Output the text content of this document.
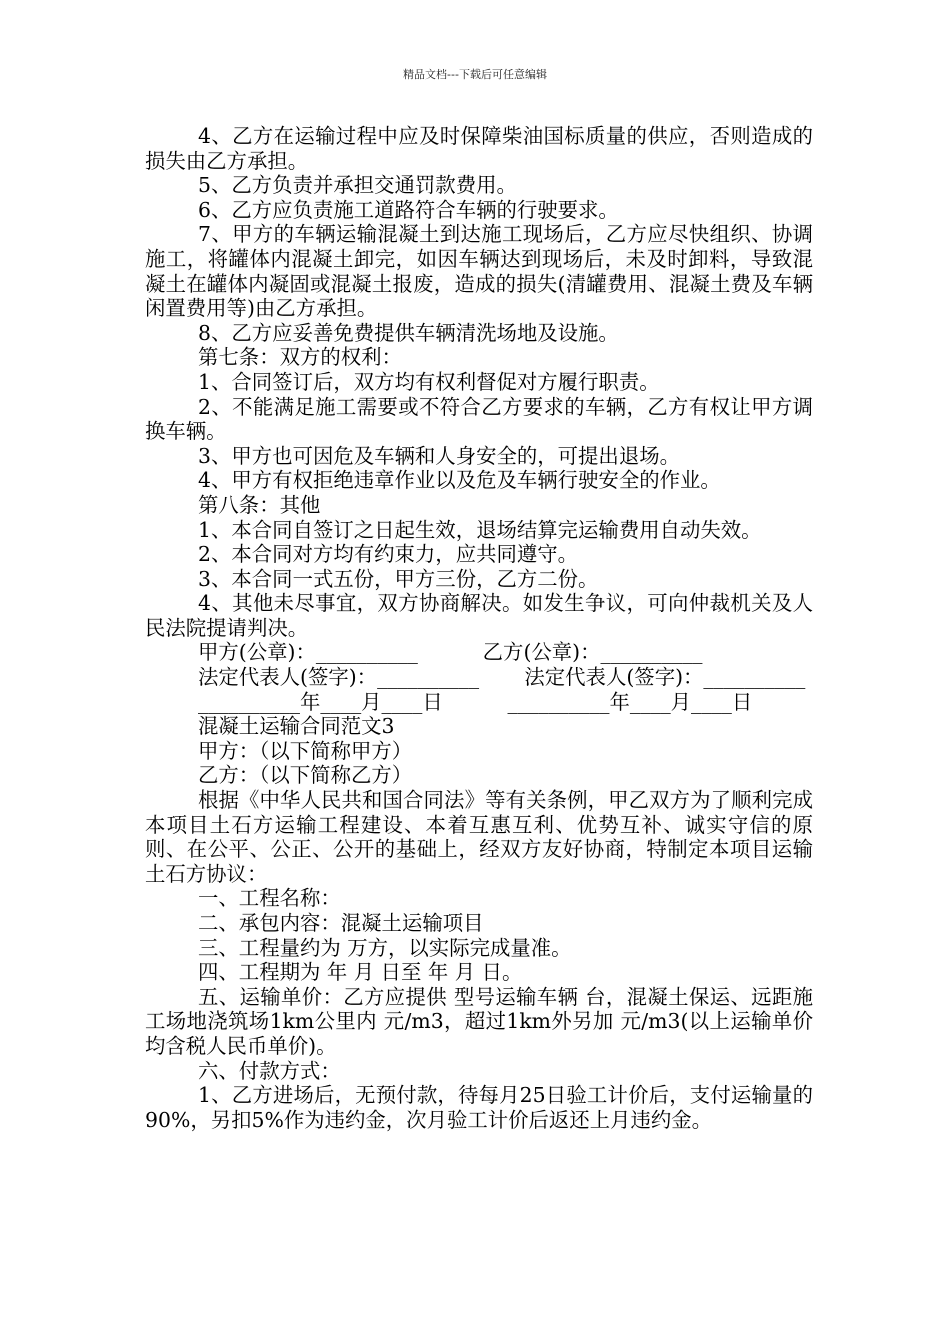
精品文档---下载后可任意编辑

4、乙方在运输过程中应及时保障柴油国标质量的供应，否则造成的损失由乙方承担。

5、乙方负责并承担交通罚款费用。

6、乙方应负责施工道路符合车辆的行驶要求。

7、甲方的车辆运输混凝土到达施工现场后，乙方应尽快组织、协调施工，将罐体内混凝土卸完，如因车辆达到现场后，未及时卸料，导致混凝土在罐体内凝固或混凝土报废，造成的损失(清罐费用、混凝土费及车辆闲置费用等)由乙方承担。

8、乙方应妥善免费提供车辆清洗场地及设施。

第七条：双方的权利：

1、合同签订后，双方均有权利督促对方履行职责。

2、不能满足施工需要或不符合乙方要求的车辆，乙方有权让甲方调换车辆。

3、甲方也可因危及车辆和人身安全的，可提出退场。

4、甲方有权拒绝违章作业以及危及车辆行驶安全的作业。

第八条：其他

1、本合同自签订之日起生效，退场结算完运输费用自动失效。

2、本合同对方均有约束力，应共同遵守。

3、本合同一式五份，甲方三份，乙方二份。

4、其他未尽事宜，双方协商解决。如发生争议，可向仲裁机关及人民法院提请判决。

甲方(公章)：__________          乙方(公章)：__________

法定代表人(签字)：__________       法定代表人(签字)：__________

__________年____月____日          __________年____月____日

混凝土运输合同范文3

甲方：（以下简称甲方）

乙方：（以下简称乙方）

根据《中华人民共和国合同法》等有关条例，甲乙双方为了顺利完成本项目土石方运输工程建设、本着互惠互利、优势互补、诚实守信的原则、在公平、公正、公开的基础上，经双方友好协商，特制定本项目运输土石方协议：

一、工程名称：

二、承包内容：混凝土运输项目

三、工程量约为 万方，以实际完成量准。

四、工程期为 年 月 日至 年 月 日。

五、运输单价：乙方应提供 型号运输车辆 台，混凝土保运、远距施工场地浇筑场1km公里内 元/m3，超过1km外另加 元/m3(以上运输单价均含税人民币单价)。

六、付款方式：

1、乙方进场后，无预付款，待每月25日验工计价后，支付运输量的90%，另扣5%作为违约金，次月验工计价后返还上月违约金。
